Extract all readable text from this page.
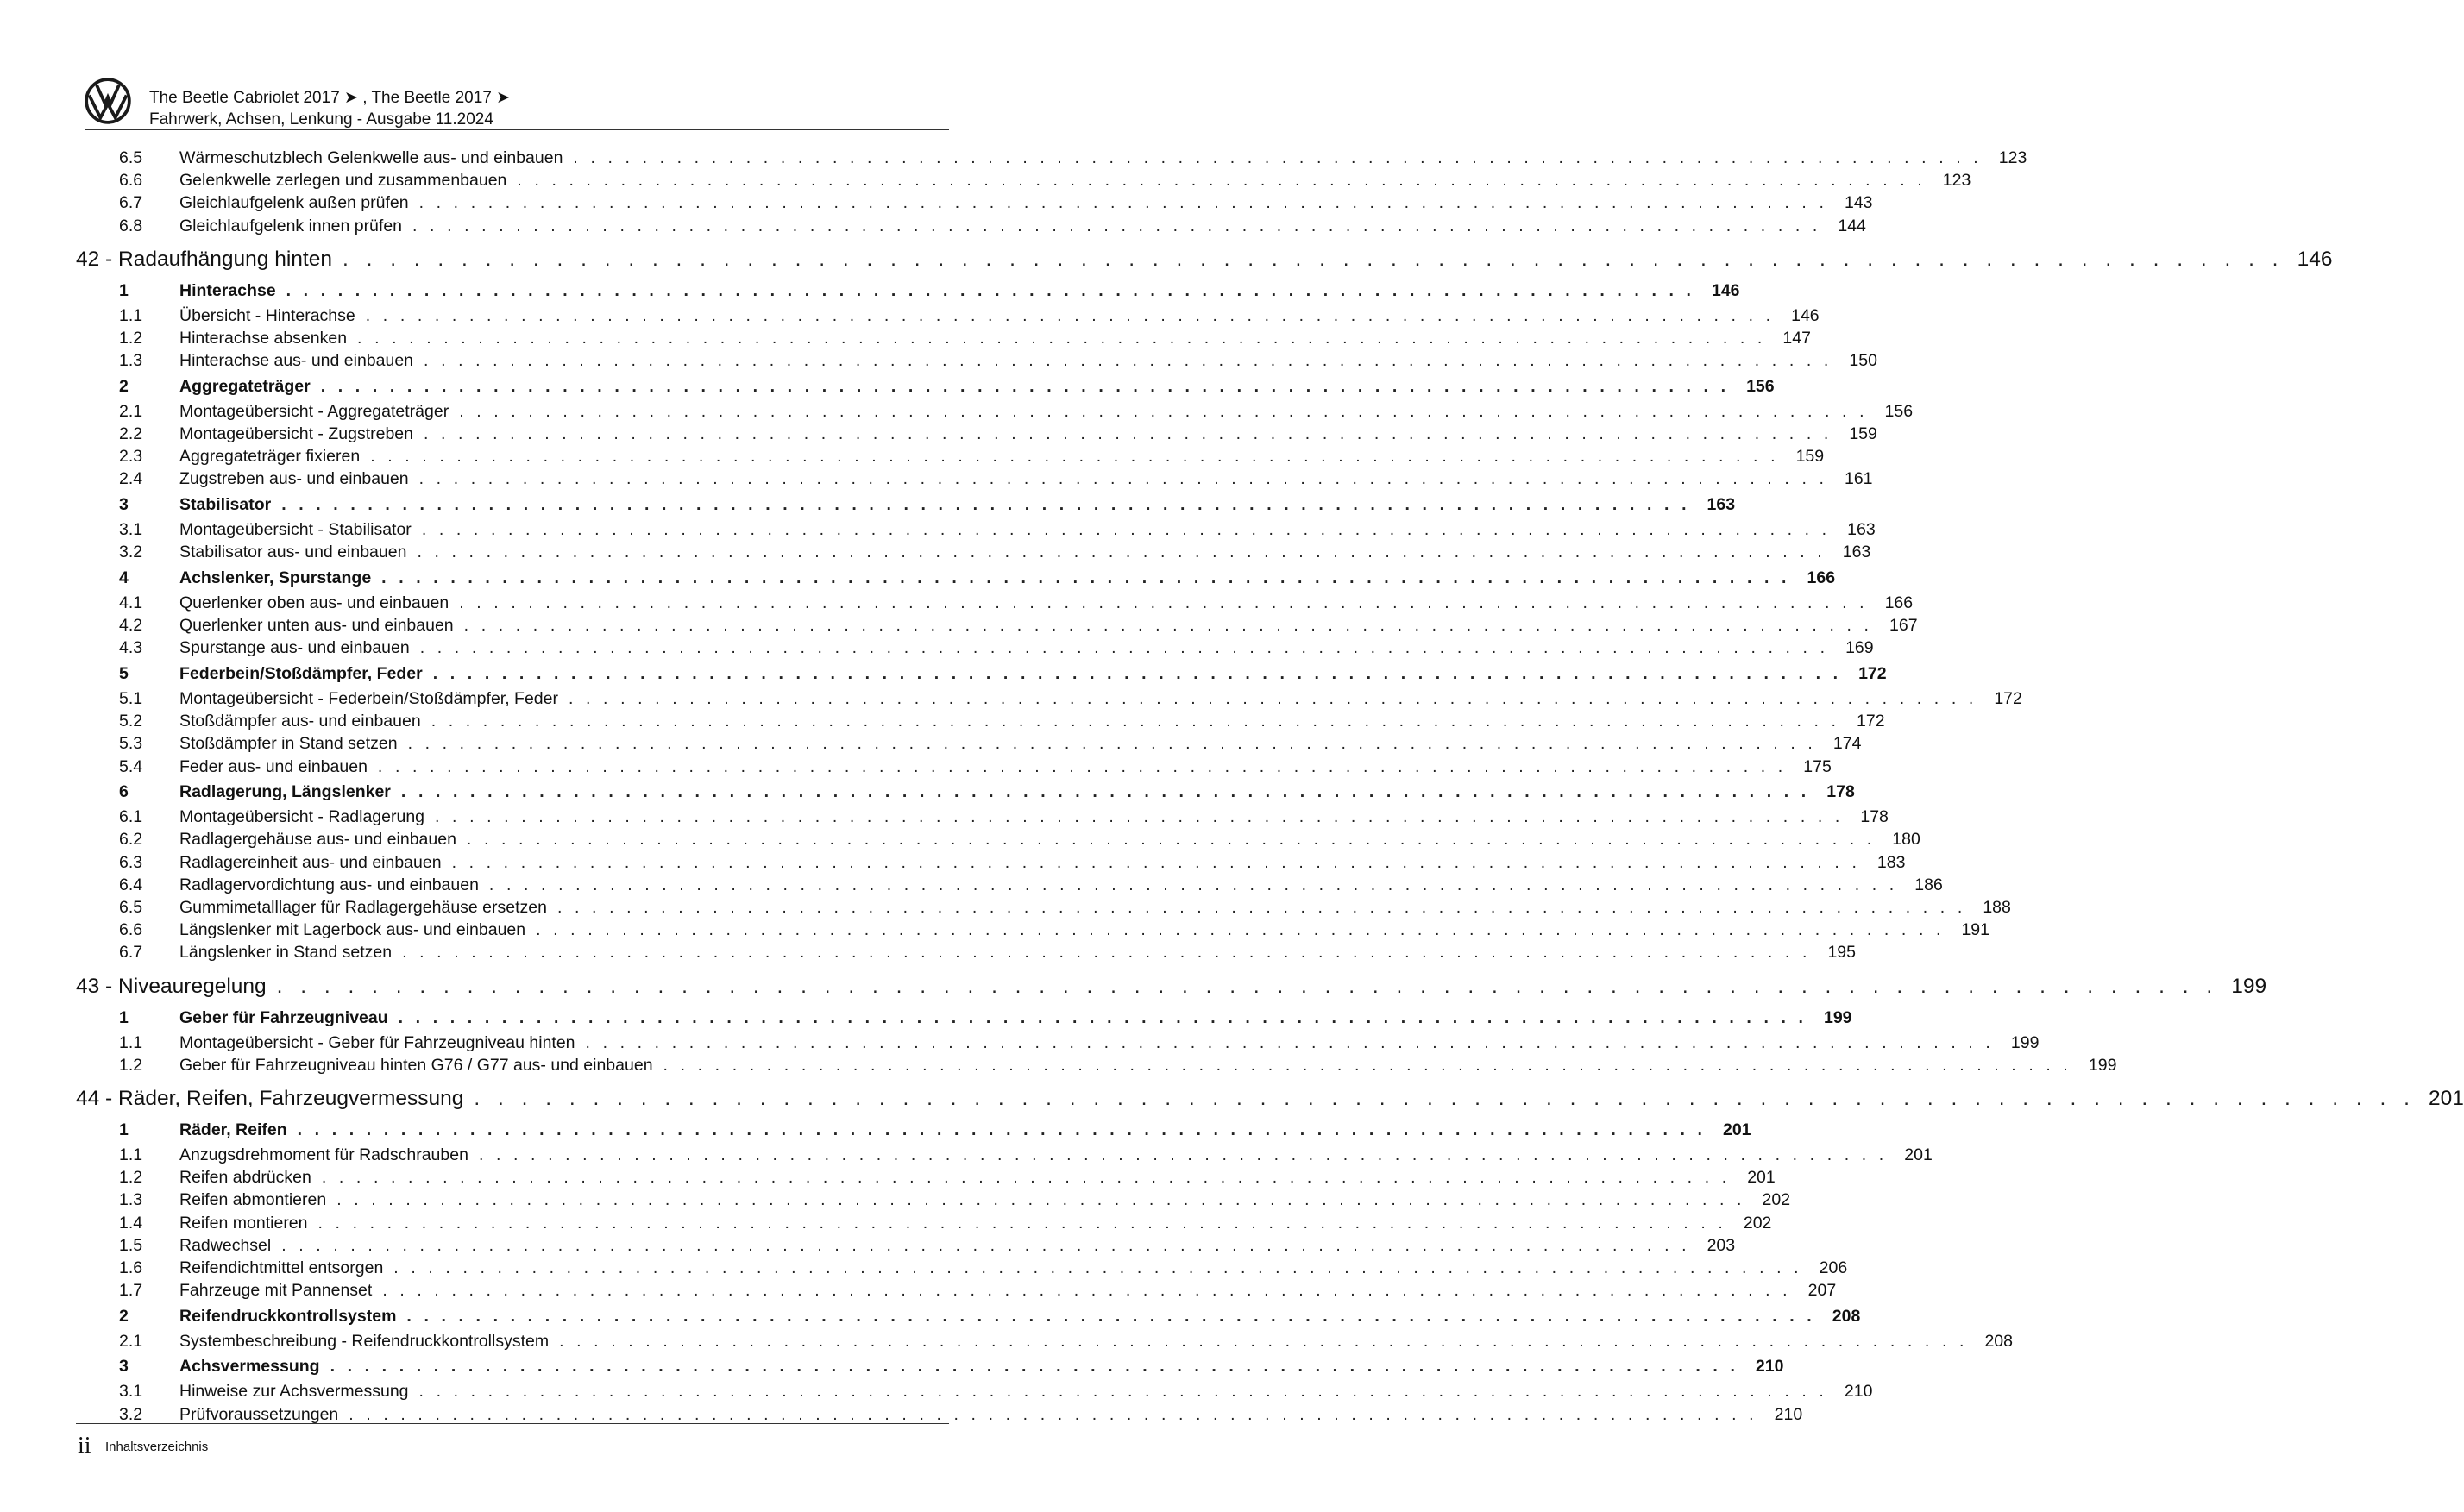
The Beetle Cabriolet 2017 ➤ , The Beetle 2017 ➤
Fahrwerk, Achsen, Lenkung - Ausgabe 11.2024
6.5	Wärmeschutzblech Gelenkwelle aus- und einbauen . . . . . . . . . . . . . . . . . . . . . . . . . . . . . . . . . . . . . . . . . . . . . . . . . . . . . . . . . . . . . . . . . . . . . . . . . . . . . . . . . . 123
6.6	Gelenkwelle zerlegen und zusammenbauen . . . . . . . . . . . . . . . . . . . . . . . . . . . . . . . . . . . . . . . . . . . . . . . . . . . . . . . . . . . . . . . . . . . . . . . . . . . . . . . . . . 123
6.7	Gleichlaufgelenk außen prüfen . . . . . . . . . . . . . . . . . . . . . . . . . . . . . . . . . . . . . . . . . . . . . . . . . . . . . . . . . . . . . . . . . . . . . . . . . . . . . . . . . . 143
6.8	Gleichlaufgelenk innen prüfen . . . . . . . . . . . . . . . . . . . . . . . . . . . . . . . . . . . . . . . . . . . . . . . . . . . . . . . . . . . . . . . . . . . . . . . . . . . . . . . . . . 144
42 - Radaufhängung hinten . . . . . . . . . . . . . . . . . . . . . . . . . . . . . . . . . . . . . . . . . . . . . . . . . . . . . . . . . . . . . . . . . . . . . . . . . . . . . . . . . . 146
1	Hinterachse . . . . . . . . . . . . . . . . . . . . . . . . . . . . . . . . . . . . . . . . . . . . . . . . . . . . . . . . . . . . . . . . . . . . . . . . . . . . . . . . . . 146
1.1	Übersicht - Hinterachse . . . . . . . . . . . . . . . . . . . . . . . . . . . . . . . . . . . . . . . . . . . . . . . . . . . . . . . . . . . . . . . . . . . . . . . . . . . . . . . . . . 146
1.2	Hinterachse absenken . . . . . . . . . . . . . . . . . . . . . . . . . . . . . . . . . . . . . . . . . . . . . . . . . . . . . . . . . . . . . . . . . . . . . . . . . . . . . . . . . . 147
1.3	Hinterachse aus- und einbauen . . . . . . . . . . . . . . . . . . . . . . . . . . . . . . . . . . . . . . . . . . . . . . . . . . . . . . . . . . . . . . . . . . . . . . . . . . . . . . . . . . 150
2	Aggregateträger . . . . . . . . . . . . . . . . . . . . . . . . . . . . . . . . . . . . . . . . . . . . . . . . . . . . . . . . . . . . . . . . . . . . . . . . . . . . . . . . . . 156
2.1	Montageübersicht - Aggregateträger . . . . . . . . . . . . . . . . . . . . . . . . . . . . . . . . . . . . . . . . . . . . . . . . . . . . . . . . . . . . . . . . . . . . . . . . . . . . . . . . . . 156
2.2	Montageübersicht - Zugstreben . . . . . . . . . . . . . . . . . . . . . . . . . . . . . . . . . . . . . . . . . . . . . . . . . . . . . . . . . . . . . . . . . . . . . . . . . . . . . . . . . . 159
2.3	Aggregateträger fixieren . . . . . . . . . . . . . . . . . . . . . . . . . . . . . . . . . . . . . . . . . . . . . . . . . . . . . . . . . . . . . . . . . . . . . . . . . . . . . . . . . . 159
2.4	Zugstreben aus- und einbauen . . . . . . . . . . . . . . . . . . . . . . . . . . . . . . . . . . . . . . . . . . . . . . . . . . . . . . . . . . . . . . . . . . . . . . . . . . . . . . . . . . 161
3	Stabilisator . . . . . . . . . . . . . . . . . . . . . . . . . . . . . . . . . . . . . . . . . . . . . . . . . . . . . . . . . . . . . . . . . . . . . . . . . . . . . . . . . . 163
3.1	Montageübersicht - Stabilisator . . . . . . . . . . . . . . . . . . . . . . . . . . . . . . . . . . . . . . . . . . . . . . . . . . . . . . . . . . . . . . . . . . . . . . . . . . . . . . . . . . 163
3.2	Stabilisator aus- und einbauen . . . . . . . . . . . . . . . . . . . . . . . . . . . . . . . . . . . . . . . . . . . . . . . . . . . . . . . . . . . . . . . . . . . . . . . . . . . . . . . . . . 163
4	Achslenker, Spurstange . . . . . . . . . . . . . . . . . . . . . . . . . . . . . . . . . . . . . . . . . . . . . . . . . . . . . . . . . . . . . . . . . . . . . . . . . . . . . . . . . . 166
4.1	Querlenker oben aus- und einbauen . . . . . . . . . . . . . . . . . . . . . . . . . . . . . . . . . . . . . . . . . . . . . . . . . . . . . . . . . . . . . . . . . . . . . . . . . . . . . . . . . . 166
4.2	Querlenker unten aus- und einbauen . . . . . . . . . . . . . . . . . . . . . . . . . . . . . . . . . . . . . . . . . . . . . . . . . . . . . . . . . . . . . . . . . . . . . . . . . . . . . . . . . . 167
4.3	Spurstange aus- und einbauen . . . . . . . . . . . . . . . . . . . . . . . . . . . . . . . . . . . . . . . . . . . . . . . . . . . . . . . . . . . . . . . . . . . . . . . . . . . . . . . . . . 169
5	Federbein/Stoßdämpfer, Feder . . . . . . . . . . . . . . . . . . . . . . . . . . . . . . . . . . . . . . . . . . . . . . . . . . . . . . . . . . . . . . . . . . . . . . . . . . . . . . . . . . 172
5.1	Montageübersicht - Federbein/Stoßdämpfer, Feder . . . . . . . . . . . . . . . . . . . . . . . . . . . . . . . . . . . . . . . . . . . . . . . . . . . . . . . . . . . . . . . . . . . . . . . . . . . . . . . . . . 172
5.2	Stoßdämpfer aus- und einbauen . . . . . . . . . . . . . . . . . . . . . . . . . . . . . . . . . . . . . . . . . . . . . . . . . . . . . . . . . . . . . . . . . . . . . . . . . . . . . . . . . . 172
5.3	Stoßdämpfer in Stand setzen . . . . . . . . . . . . . . . . . . . . . . . . . . . . . . . . . . . . . . . . . . . . . . . . . . . . . . . . . . . . . . . . . . . . . . . . . . . . . . . . . . 174
5.4	Feder aus- und einbauen . . . . . . . . . . . . . . . . . . . . . . . . . . . . . . . . . . . . . . . . . . . . . . . . . . . . . . . . . . . . . . . . . . . . . . . . . . . . . . . . . . 175
6	Radlagerung, Längslenker . . . . . . . . . . . . . . . . . . . . . . . . . . . . . . . . . . . . . . . . . . . . . . . . . . . . . . . . . . . . . . . . . . . . . . . . . . . . . . . . . . 178
6.1	Montageübersicht - Radlagerung . . . . . . . . . . . . . . . . . . . . . . . . . . . . . . . . . . . . . . . . . . . . . . . . . . . . . . . . . . . . . . . . . . . . . . . . . . . . . . . . . . 178
6.2	Radlagergehäuse aus- und einbauen . . . . . . . . . . . . . . . . . . . . . . . . . . . . . . . . . . . . . . . . . . . . . . . . . . . . . . . . . . . . . . . . . . . . . . . . . . . . . . . . . . 180
6.3	Radlagereinheit aus- und einbauen . . . . . . . . . . . . . . . . . . . . . . . . . . . . . . . . . . . . . . . . . . . . . . . . . . . . . . . . . . . . . . . . . . . . . . . . . . . . . . . . . . 183
6.4	Radlagervordichtung aus- und einbauen . . . . . . . . . . . . . . . . . . . . . . . . . . . . . . . . . . . . . . . . . . . . . . . . . . . . . . . . . . . . . . . . . . . . . . . . . . . . . . . . . . 186
6.5	Gummimetalllager für Radlagergehäuse ersetzen . . . . . . . . . . . . . . . . . . . . . . . . . . . . . . . . . . . . . . . . . . . . . . . . . . . . . . . . . . . . . . . . . . . . . . . . . . . . . . . . . . 188
6.6	Längslenker mit Lagerbock aus- und einbauen . . . . . . . . . . . . . . . . . . . . . . . . . . . . . . . . . . . . . . . . . . . . . . . . . . . . . . . . . . . . . . . . . . . . . . . . . . . . . . . . . . 191
6.7	Längslenker in Stand setzen . . . . . . . . . . . . . . . . . . . . . . . . . . . . . . . . . . . . . . . . . . . . . . . . . . . . . . . . . . . . . . . . . . . . . . . . . . . . . . . . . . 195
43 - Niveauregelung . . . . . . . . . . . . . . . . . . . . . . . . . . . . . . . . . . . . . . . . . . . . . . . . . . . . . . . . . . . . . . . . . . . . . . . . . . . . . . . . . . 199
1	Geber für Fahrzeugniveau . . . . . . . . . . . . . . . . . . . . . . . . . . . . . . . . . . . . . . . . . . . . . . . . . . . . . . . . . . . . . . . . . . . . . . . . . . . . . . . . . . 199
1.1	Montageübersicht - Geber für Fahrzeugniveau hinten . . . . . . . . . . . . . . . . . . . . . . . . . . . . . . . . . . . . . . . . . . . . . . . . . . . . . . . . . . . . . . . . . . . . . . . . . . . . . . . . . . 199
1.2	Geber für Fahrzeugniveau hinten G76 / G77 aus- und einbauen . . . . . . . . . . . . . . . . . . . . . . . . . . . . . . . . . . . . . . . . . . . . . . . . . . . . . . . . . . . . . . . . . . . . . . . . . . . . . . . . . . 199
44 - Räder, Reifen, Fahrzeugvermessung . . . . . . . . . . . . . . . . . . . . . . . . . . . . . . . . . . . . . . . . . . . . . . . . . . . . . . . . . . . . . . . . . . . . . . . . . . . . . . . . . . 201
1	Räder, Reifen . . . . . . . . . . . . . . . . . . . . . . . . . . . . . . . . . . . . . . . . . . . . . . . . . . . . . . . . . . . . . . . . . . . . . . . . . . . . . . . . . . 201
1.1	Anzugsdrehmoment für Radschrauben . . . . . . . . . . . . . . . . . . . . . . . . . . . . . . . . . . . . . . . . . . . . . . . . . . . . . . . . . . . . . . . . . . . . . . . . . . . . . . . . . . 201
1.2	Reifen abdrücken . . . . . . . . . . . . . . . . . . . . . . . . . . . . . . . . . . . . . . . . . . . . . . . . . . . . . . . . . . . . . . . . . . . . . . . . . . . . . . . . . . 201
1.3	Reifen abmontieren . . . . . . . . . . . . . . . . . . . . . . . . . . . . . . . . . . . . . . . . . . . . . . . . . . . . . . . . . . . . . . . . . . . . . . . . . . . . . . . . . . 202
1.4	Reifen montieren . . . . . . . . . . . . . . . . . . . . . . . . . . . . . . . . . . . . . . . . . . . . . . . . . . . . . . . . . . . . . . . . . . . . . . . . . . . . . . . . . . 202
1.5	Radwechsel . . . . . . . . . . . . . . . . . . . . . . . . . . . . . . . . . . . . . . . . . . . . . . . . . . . . . . . . . . . . . . . . . . . . . . . . . . . . . . . . . . 203
1.6	Reifendichtmittel entsorgen . . . . . . . . . . . . . . . . . . . . . . . . . . . . . . . . . . . . . . . . . . . . . . . . . . . . . . . . . . . . . . . . . . . . . . . . . . . . . . . . . . 206
1.7	Fahrzeuge mit Pannenset . . . . . . . . . . . . . . . . . . . . . . . . . . . . . . . . . . . . . . . . . . . . . . . . . . . . . . . . . . . . . . . . . . . . . . . . . . . . . . . . . . 207
2	Reifendruckkontrollsystem . . . . . . . . . . . . . . . . . . . . . . . . . . . . . . . . . . . . . . . . . . . . . . . . . . . . . . . . . . . . . . . . . . . . . . . . . . . . . . . . . . 208
2.1	Systembeschreibung - Reifendruckkontrollsystem . . . . . . . . . . . . . . . . . . . . . . . . . . . . . . . . . . . . . . . . . . . . . . . . . . . . . . . . . . . . . . . . . . . . . . . . . . . . . . . . . . 208
3	Achsvermessung . . . . . . . . . . . . . . . . . . . . . . . . . . . . . . . . . . . . . . . . . . . . . . . . . . . . . . . . . . . . . . . . . . . . . . . . . . . . . . . . . . 210
3.1	Hinweise zur Achsvermessung . . . . . . . . . . . . . . . . . . . . . . . . . . . . . . . . . . . . . . . . . . . . . . . . . . . . . . . . . . . . . . . . . . . . . . . . . . . . . . . . . . 210
3.2	Prüfvoraussetzungen . . . . . . . . . . . . . . . . . . . . . . . . . . . . . . . . . . . . . . . . . . . . . . . . . . . . . . . . . . . . . . . . . . . . . . . . . . . . . . . . . . 210
ii Inhaltsverzeichnis
